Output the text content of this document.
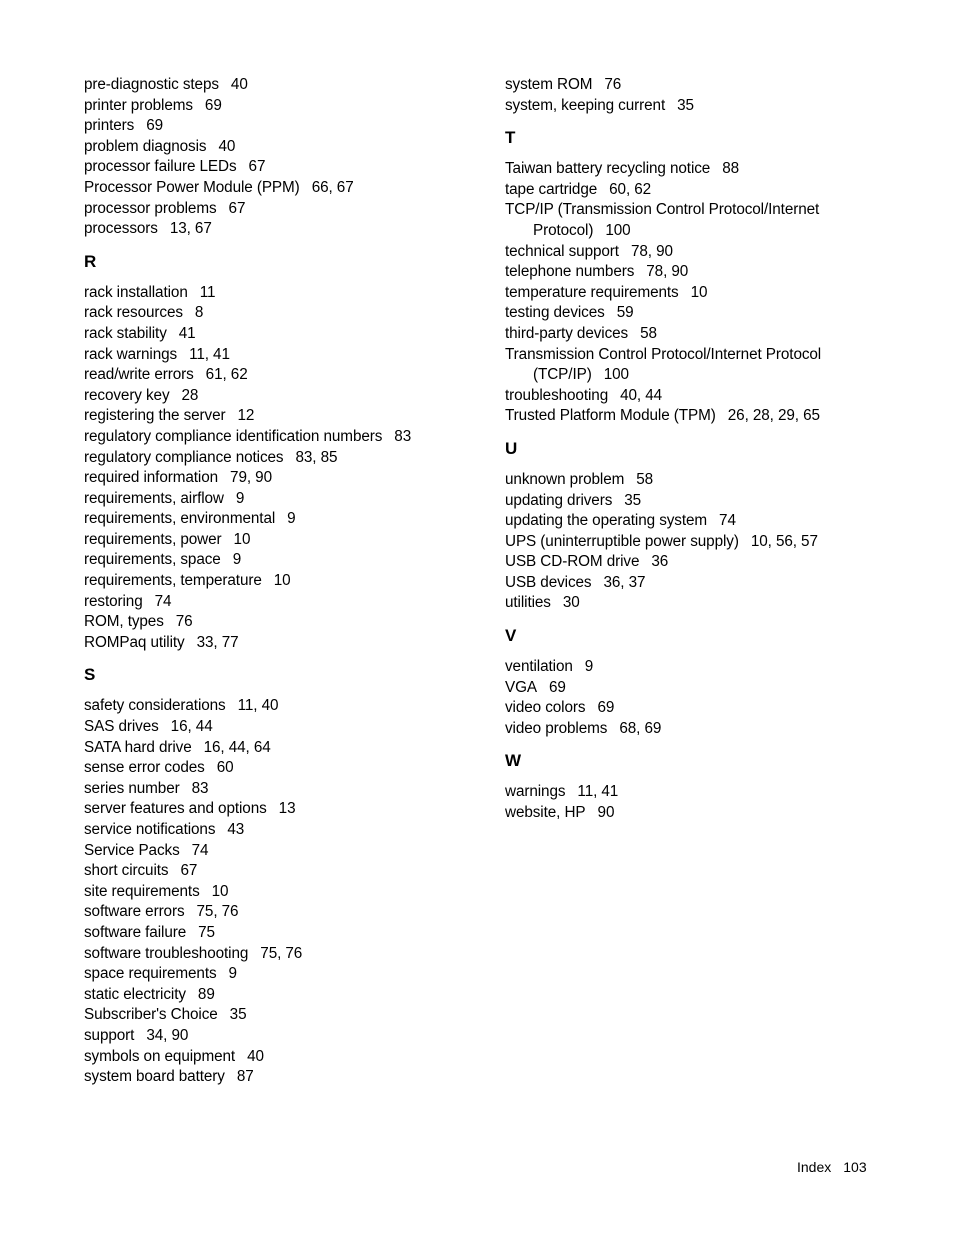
pre-diagnostic steps 40
printer problems 69
printers 69
problem diagnosis 40
processor failure LEDs 67
Processor Power Module (PPM) 66, 67
processor problems 67
processors 13, 67
R
rack installation 11
rack resources 8
rack stability 41
rack warnings 11, 41
read/write errors 61, 62
recovery key 28
registering the server 12
regulatory compliance identification numbers 83
regulatory compliance notices 83, 85
required information 79, 90
requirements, airflow 9
requirements, environmental 9
requirements, power 10
requirements, space 9
requirements, temperature 10
restoring 74
ROM, types 76
ROMPaq utility 33, 77
S
safety considerations 11, 40
SAS drives 16, 44
SATA hard drive 16, 44, 64
sense error codes 60
series number 83
server features and options 13
service notifications 43
Service Packs 74
short circuits 67
site requirements 10
software errors 75, 76
software failure 75
software troubleshooting 75, 76
space requirements 9
static electricity 89
Subscriber's Choice 35
support 34, 90
symbols on equipment 40
system board battery 87
system ROM 76
system, keeping current 35
T
Taiwan battery recycling notice 88
tape cartridge 60, 62
TCP/IP (Transmission Control Protocol/Internet
Protocol) 100
technical support 78, 90
telephone numbers 78, 90
temperature requirements 10
testing devices 59
third-party devices 58
Transmission Control Protocol/Internet Protocol
(TCP/IP) 100
troubleshooting 40, 44
Trusted Platform Module (TPM) 26, 28, 29, 65
U
unknown problem 58
updating drivers 35
updating the operating system 74
UPS (uninterruptible power supply) 10, 56, 57
USB CD-ROM drive 36
USB devices 36, 37
utilities 30
V
ventilation 9
VGA 69
video colors 69
video problems 68, 69
W
warnings 11, 41
website, HP 90
Index 103
